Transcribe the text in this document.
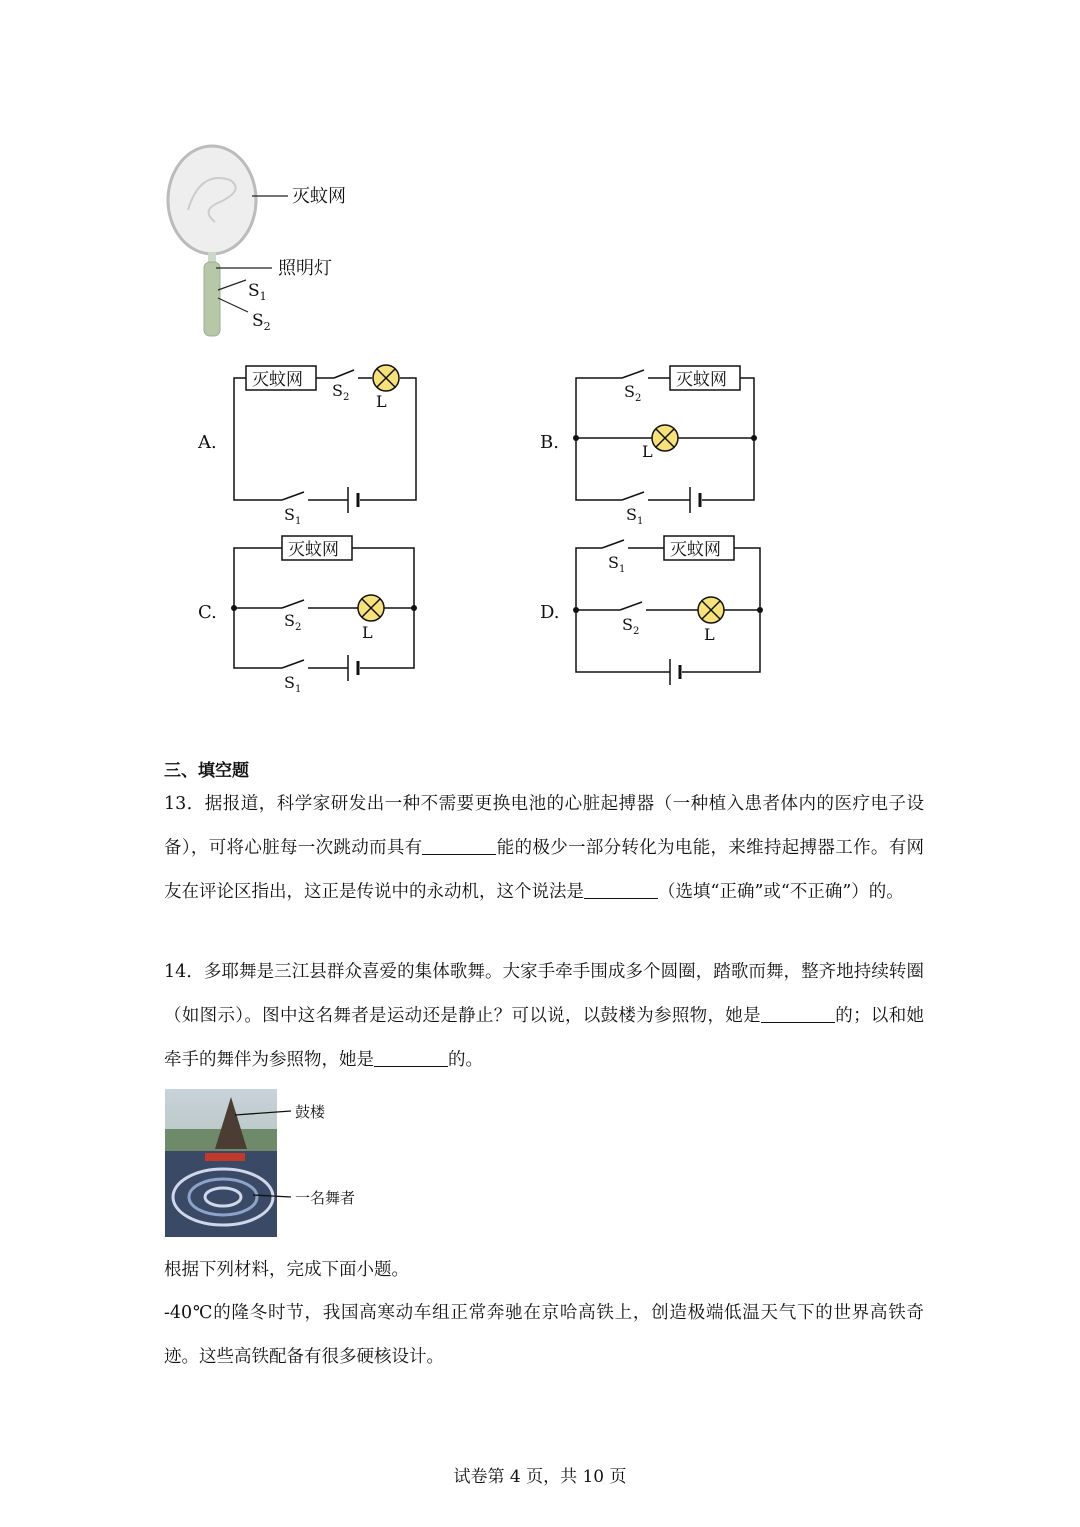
灭蚊网
照明灯
$S_1$
$S_2$
A.
灭蚊网
$S_2$ L
$S_1$
B.
灭蚊网
$S_2$
L
$S_1$
C.
灭蚊网
$S_2$	L
$S_1$
D.
$S_1$
灭蚊网
$S_2$	L
三、填空题
13．据报道，科学家研发出一种不需要更换电池的心脏起搏器（一种植入患者体内的医疗电子设备），可将心脏每一次跳动而具有	能的极少一部分转化为电能，来维持起搏器工作。有网友在评论区指出，这正是传说中的永动机，这个说法是	（选填“正确”或“不正确”）的。
14．多耶舞是三江县群众喜爱的集体歌舞。大家手牵手围成多个圆圈，踏歌而舞，整齐地持续转圈（如图示）。图中这名舞者是运动还是静止？可以说，以鼓楼为参照物，她是	的；以和她牵手的舞伴为参照物，她是	的。
鼓楼
一名舞者
根据下列材料，完成下面小题。
-40℃的隆冬时节，我国高寒动车组正常奔驰在京哈高铁上，创造极端低温天气下的世界高铁奇迹。这些高铁配备有很多硬核设计。
试卷第 4 页，共 10 页
